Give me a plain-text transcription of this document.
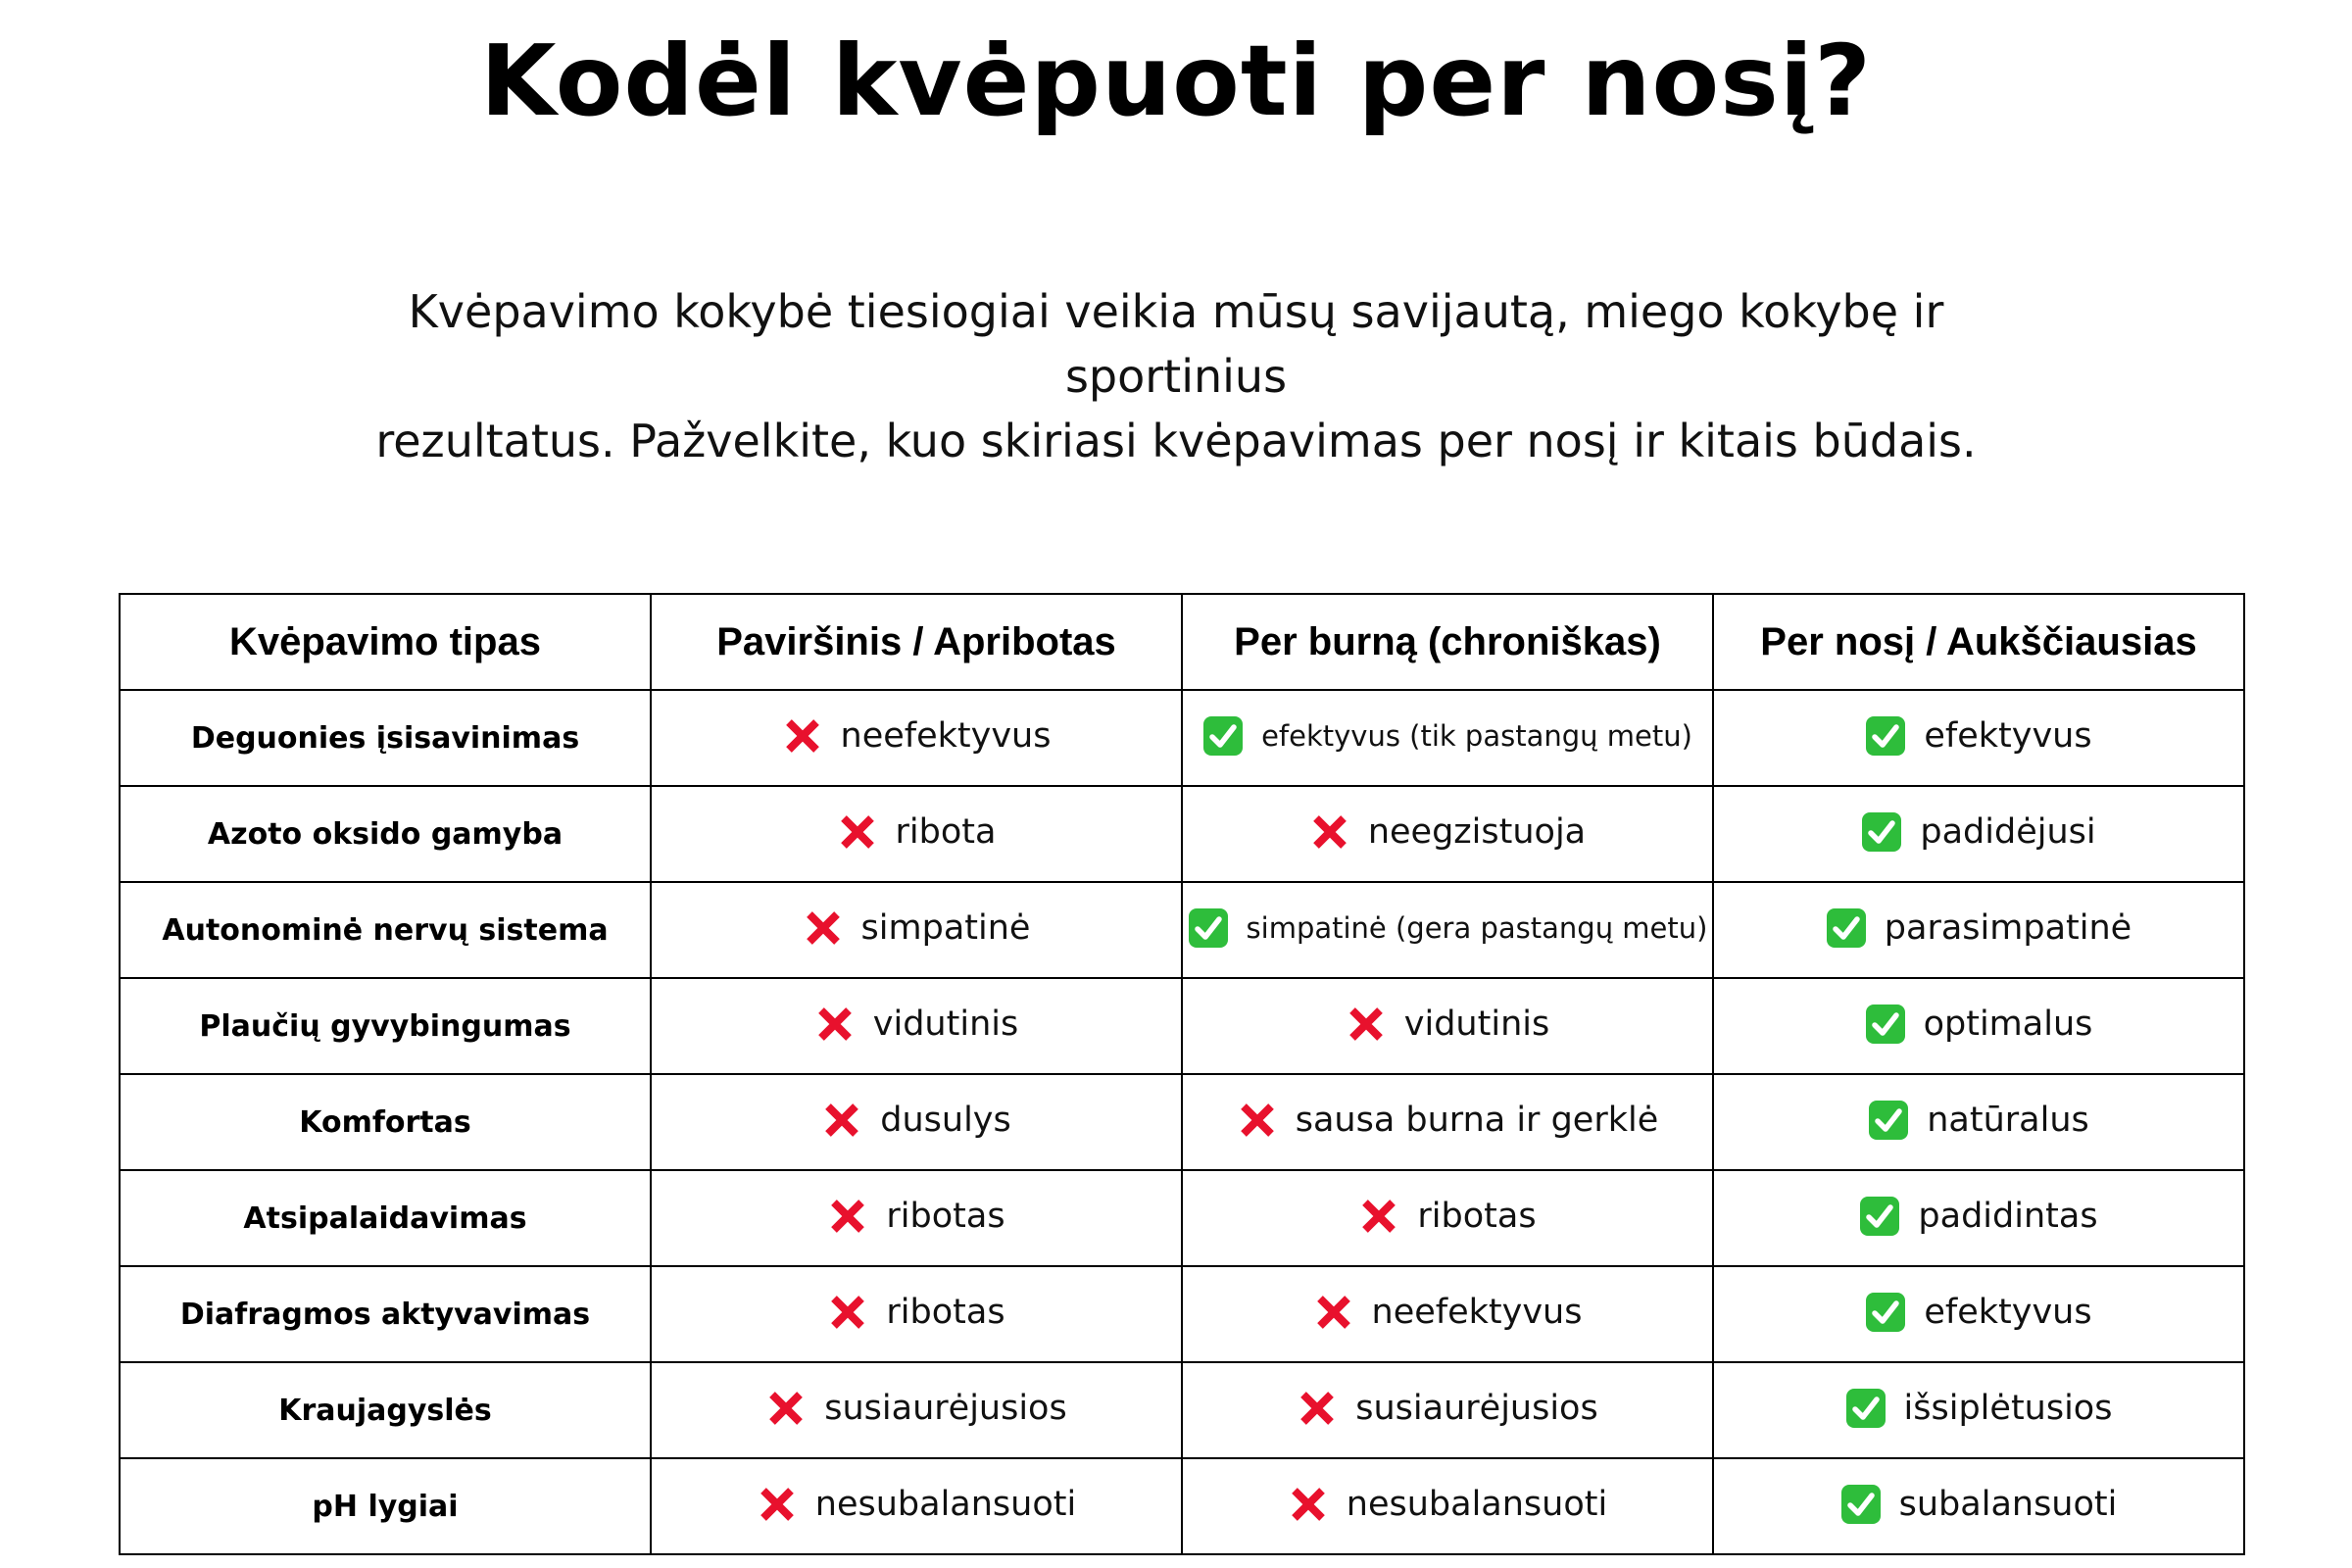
Kodėl kvėpuoti per nosį?
Kvėpavimo kokybė tiesiogiai veikia mūsų savijautą, miego kokybę ir sportinius
rezultatus. Pažvelkite, kuo skiriasi kvėpavimas per nosį ir kitais būdais.
Kvėpavimo tipas	Paviršinis / Apribotas	Per burną (chroniškas)	Per nosį / Aukščiausias
Deguonies įsisavinimas	neefektyvus	efektyvus (tik pastangų metu)	efektyvus

Azoto oksido gamyba	ribota	neegzistuoja	padidėjusi

Autonominė nervų sistema	simpatinė	simpatinė (gera pastangų metu)	parasimpatinė

Plaučių gyvybingumas	vidutinis	vidutinis	optimalus

Komfortas	dusulys	sausa burna ir gerklė	natūralus

Atsipalaidavimas	ribotas	ribotas	padidintas

Diafragmos aktyvavimas	ribotas	neefektyvus	efektyvus

Kraujagyslės	susiaurėjusios	susiaurėjusios	išsiplėtusios

pH lygiai	nesubalansuoti	nesubalansuoti	subalansuoti
